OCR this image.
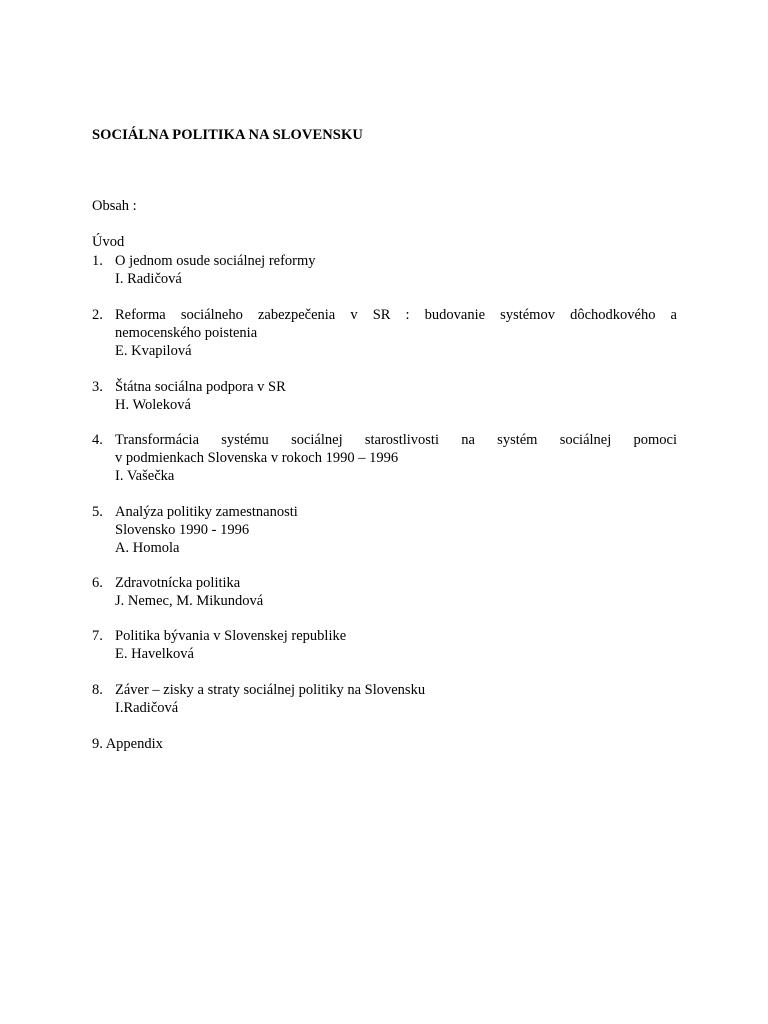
SOCIÁLNA POLITIKA NA SLOVENSKU
Obsah :
Úvod
1. O jednom osude sociálnej reformy
I. Radičová
2. Reforma sociálneho zabezpečenia v SR : budovanie systémov dôchodkového a
nemocenského poistenia
E. Kvapilová
3. Štátna sociálna podpora v SR
H. Woleková
4. Transformácia systému sociálnej starostlivosti na systém sociálnej pomoci
v podmienkach Slovenska v rokoch 1990 – 1996
I. Vašečka
5. Analýza politiky zamestnanosti
Slovensko 1990 - 1996
A. Homola
6. Zdravotnícka politika
J. Nemec, M. Mikundová
7. Politika bývania v Slovenskej republike
E. Havelková
8. Záver – zisky a straty sociálnej politiky na Slovensku
I.Radičová
9. Appendix
